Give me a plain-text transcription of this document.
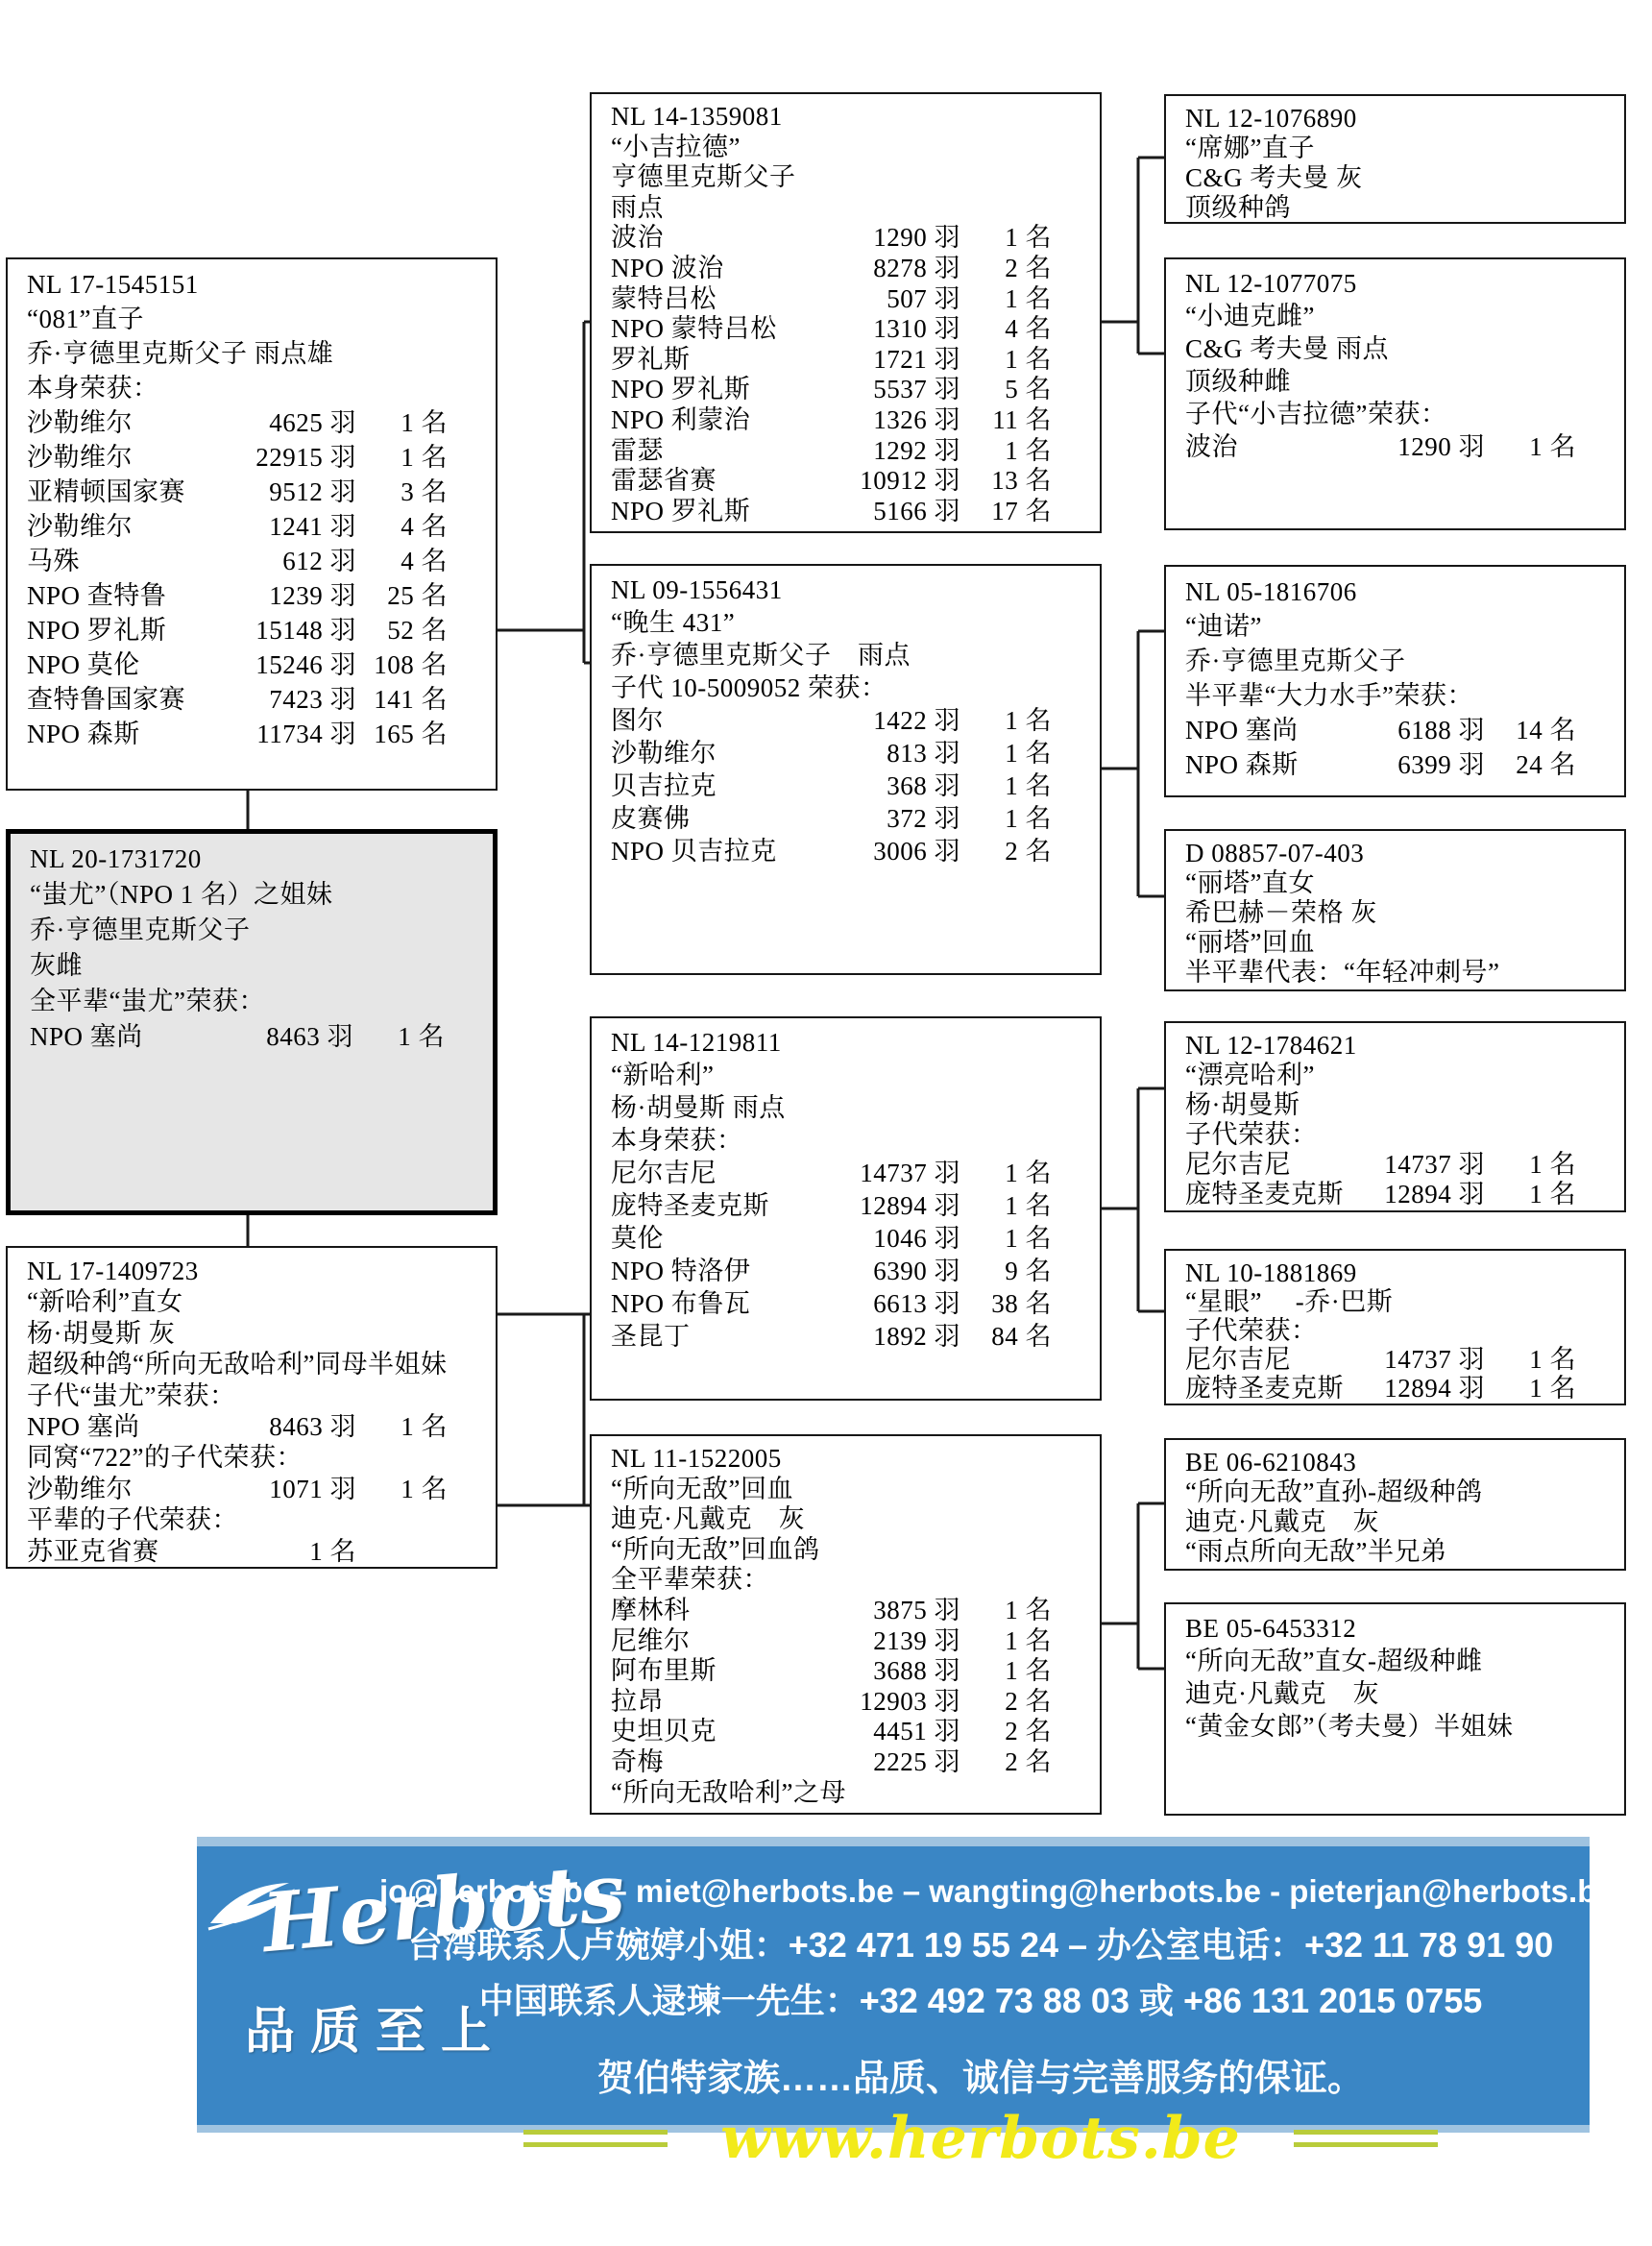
NL 17-1545151
“081”直子
乔·亨德里克斯父子 雨点雄
本身荣获：
沙勒维尔	4625 羽	1 名
沙勒维尔	22915 羽	1 名
亚精顿国家赛	9512 羽	3 名
沙勒维尔	1241 羽	4 名
马殊	612 羽	4 名
NPO 查特鲁	1239 羽	25 名
NPO 罗礼斯	15148 羽	52 名
NPO 莫伦	15246 羽 108 名
查特鲁国家赛	7423 羽 141 名
NPO 森斯	11734 羽 165 名
NL 20-1731720
“蚩尤”（NPO 1 名）之姐妹
乔·亨德里克斯父子
灰雌
全平辈“蚩尤”荣获：
NPO 塞尚	8463 羽	1 名
NL 17-1409723
“新哈利”直女
杨·胡曼斯 灰
超级种鸽“所向无敌哈利”同母半姐妹
子代“蚩尤”荣获：
NPO 塞尚	8463 羽	1 名
同窝“722”的子代荣获：
沙勒维尔	1071 羽	1 名
平辈的子代荣获：
苏亚克省赛	1 名
NL 14-1359081
“小吉拉德”
亨德里克斯父子
雨点
波治	1290 羽	1 名
NPO 波治	8278 羽	2 名
蒙特吕松	507 羽	1 名
NPO 蒙特吕松	1310 羽	4 名
罗礼斯	1721 羽	1 名
NPO 罗礼斯	5537 羽	5 名
NPO 利蒙治	1326 羽	11 名
雷瑟	1292 羽	1 名
雷瑟省赛	10912 羽	13 名
NPO 罗礼斯	5166 羽	17 名
NL 09-1556431
“晚生 431”
乔·亨德里克斯父子　雨点
子代 10-5009052 荣获：
图尔	1422 羽	1 名
沙勒维尔	813 羽	1 名
贝吉拉克	368 羽	1 名
皮赛佛	372 羽	1 名
NPO 贝吉拉克	3006 羽	2 名
NL 14-1219811
“新哈利”
杨·胡曼斯 雨点
本身荣获：
尼尔吉尼	14737 羽	1 名
庞特圣麦克斯	12894 羽	1 名
莫伦	1046 羽	1 名
NPO 特洛伊	6390 羽	9 名
NPO 布鲁瓦	6613 羽	38 名
圣昆丁	1892 羽	84 名
NL 11-1522005
“所向无敌”回血
迪克·凡戴克　灰
“所向无敌”回血鸽
全平辈荣获：
摩林科	3875 羽	1 名
尼维尔	2139 羽	1 名
阿布里斯	3688 羽	1 名
拉昂	12903 羽	2 名
史坦贝克	4451 羽	2 名
奇梅	2225 羽	2 名
“所向无敌哈利”之母
NL 12-1076890
“席娜”直子
C&G 考夫曼 灰
顶级种鸽
NL 12-1077075
“小迪克雌”
C&G 考夫曼 雨点
顶级种雌
子代“小吉拉德”荣获：
波治	1290 羽	1 名
NL 05-1816706
“迪诺”
乔·亨德里克斯父子
半平辈“大力水手”荣获：
NPO 塞尚	6188 羽	14 名
NPO 森斯	6399 羽	24 名
D 08857-07-403
“丽塔”直女
希巴赫－荣格 灰
“丽塔”回血
半平辈代表：“年轻冲刺号”
NL 12-1784621
“漂亮哈利”
杨·胡曼斯
子代荣获：
尼尔吉尼	14737 羽	1 名
庞特圣麦克斯	12894 羽	1 名
NL 10-1881869
“星眼”　 -乔·巴斯
子代荣获：
尼尔吉尼	14737 羽	1 名
庞特圣麦克斯	12894 羽	1 名
BE 06-6210843
“所向无敌”直孙-超级种鸽
迪克·凡戴克　灰
“雨点所向无敌”半兄弟
BE 05-6453312
“所向无敌”直女-超级种雌
迪克·凡戴克　灰
“黄金女郎”（考夫曼）半姐妹
Herbots
品质至上
jo@herbots.be – miet@herbots.be – wangting@herbots.be - pieterjan@herbots.be
台湾联系人卢婉婷小姐：+32 471 19 55 24 – 办公室电话：+32 11 78 91 90
中国联系人逯瑓一先生：+32 492 73 88 03 或 +86 131 2015 0755
贺伯特家族……品质、诚信与完善服务的保证。
www.herbots.be
